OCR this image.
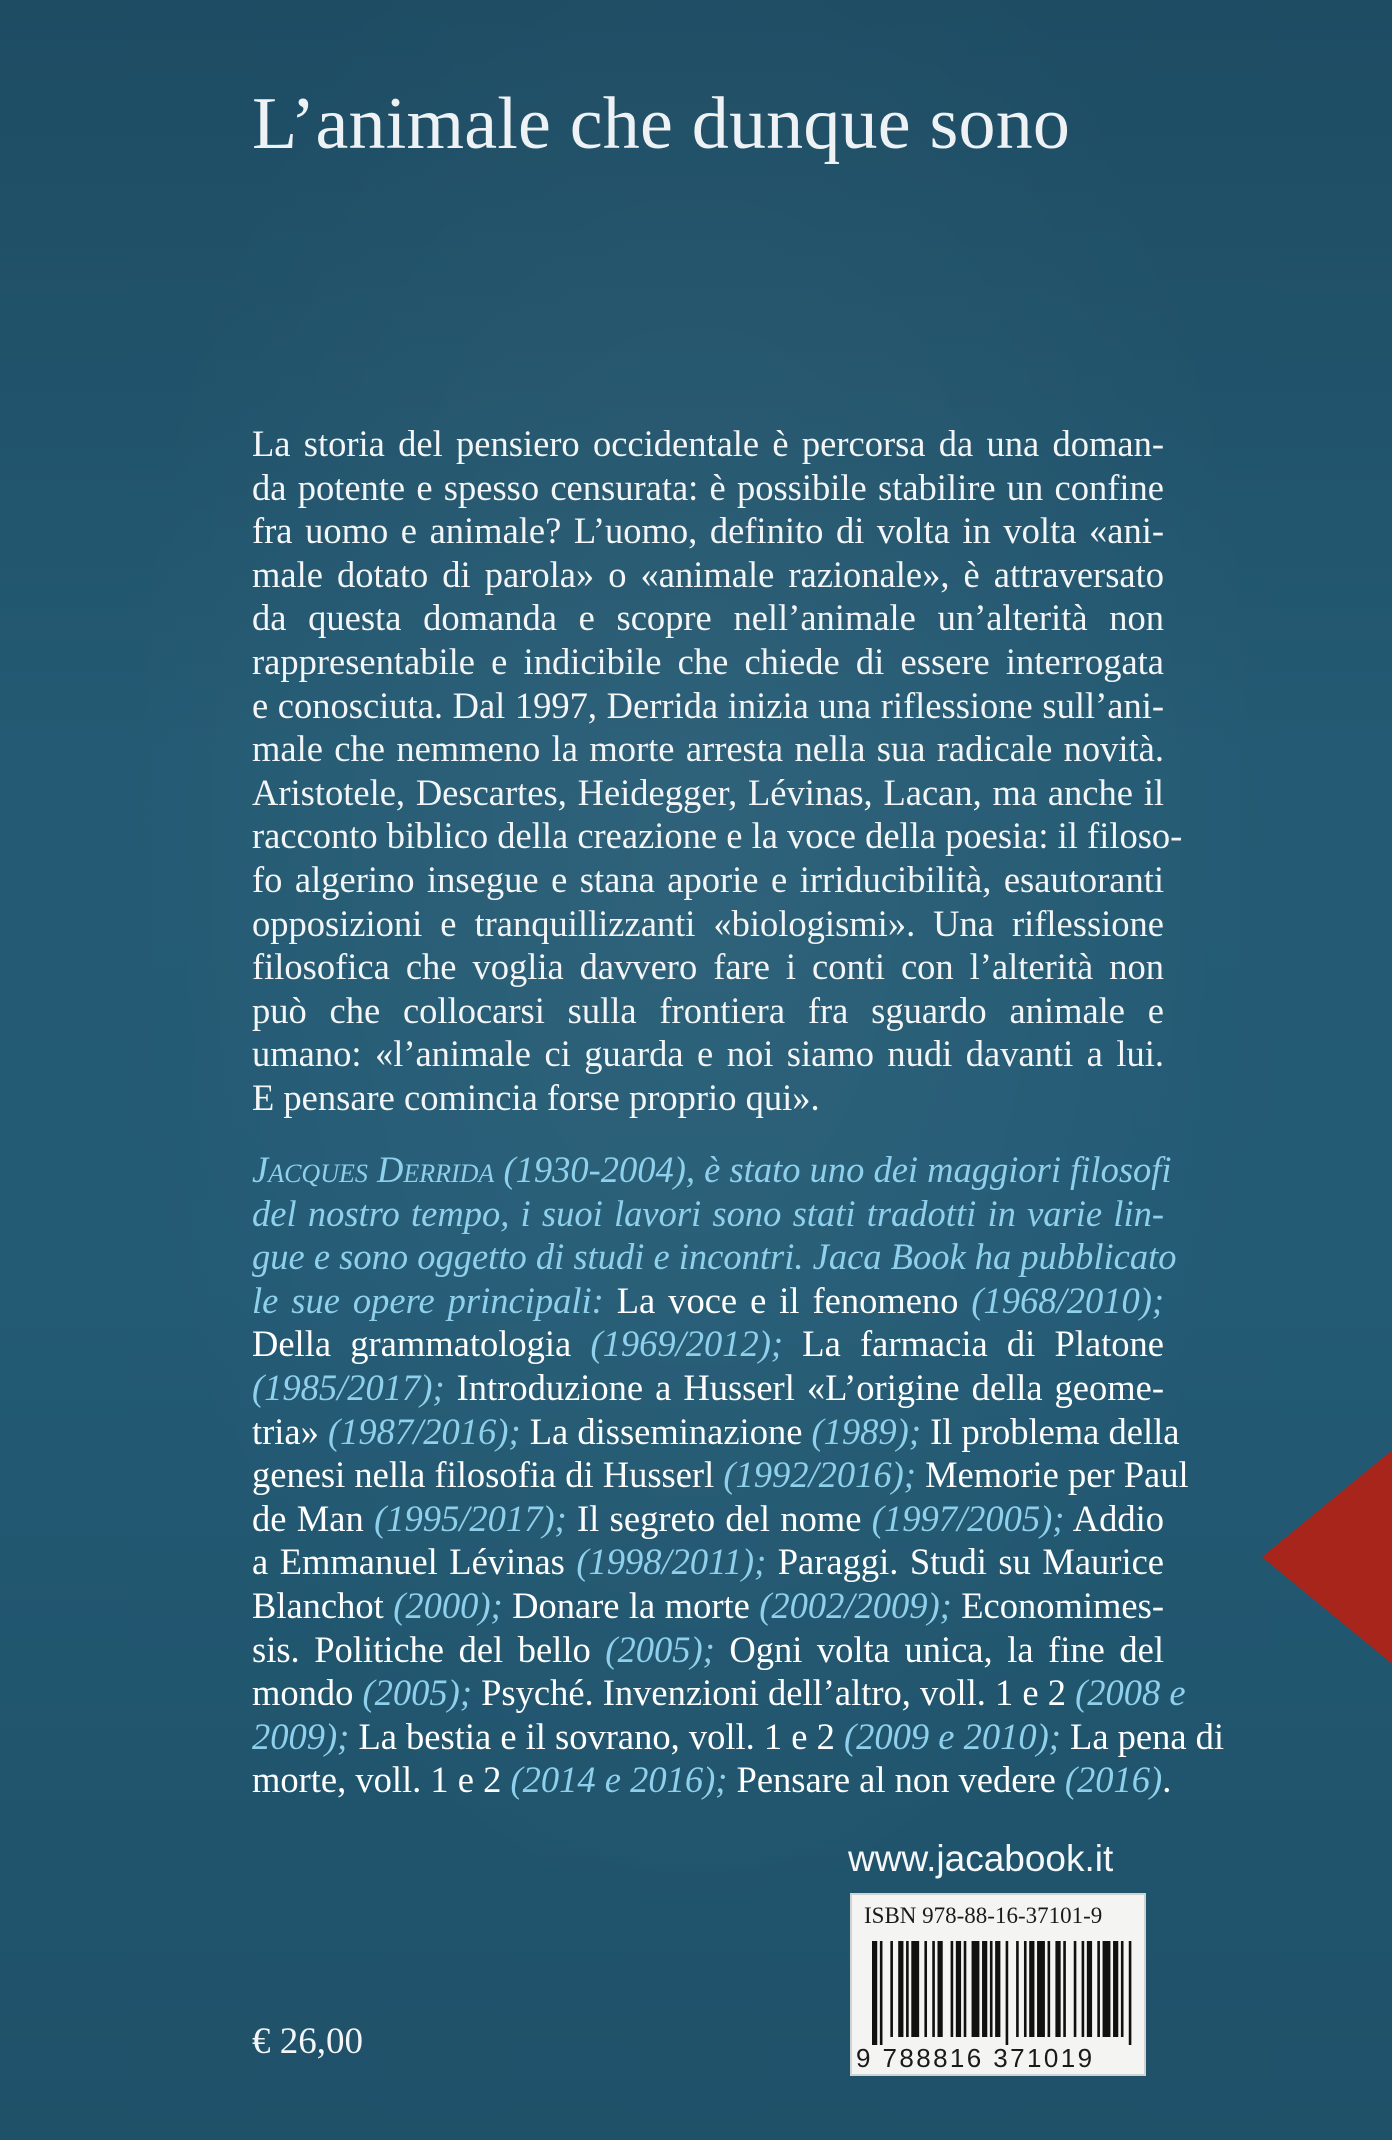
L’animale che dunque sono
La storia del pensiero occidentale è percorsa da una doman-
da potente e spesso censurata: è possibile stabilire un confine
fra uomo e animale? L’uomo, definito di volta in volta «ani-
male dotato di parola» o «animale razionale», è attraversato
da questa domanda e scopre nell’animale un’alterità non
rappresentabile e indicibile che chiede di essere interrogata
e conosciuta. Dal 1997, Derrida inizia una riflessione sull’ani-
male che nemmeno la morte arresta nella sua radicale novità.
Aristotele, Descartes, Heidegger, Lévinas, Lacan, ma anche il
racconto biblico della creazione e la voce della poesia: il filoso-
fo algerino insegue e stana aporie e irriducibilità, esautoranti
opposizioni e tranquillizzanti «biologismi». Una riflessione
filosofica che voglia davvero fare i conti con l’alterità non
può che collocarsi sulla frontiera fra sguardo animale e
umano: «l’animale ci guarda e noi siamo nudi davanti a lui.
E pensare comincia forse proprio qui».
Jacques Derrida (1930-2004), è stato uno dei maggiori filosofi
del nostro tempo, i suoi lavori sono stati tradotti in varie lin-
gue e sono oggetto di studi e incontri. Jaca Book ha pubblicato
le sue opere principali: La voce e il fenomeno (1968/2010);
Della grammatologia (1969/2012); La farmacia di Platone
(1985/2017); Introduzione a Husserl «L’origine della geome-
tria» (1987/2016); La disseminazione (1989); Il problema della
genesi nella filosofia di Husserl (1992/2016); Memorie per Paul
de Man (1995/2017); Il segreto del nome (1997/2005); Addio
a Emmanuel Lévinas (1998/2011); Paraggi. Studi su Maurice
Blanchot (2000); Donare la morte (2002/2009); Economimes-
sis. Politiche del bello (2005); Ogni volta unica, la fine del
mondo (2005); Psyché. Invenzioni dell’altro, voll. 1 e 2 (2008 e
2009); La bestia e il sovrano, voll. 1 e 2 (2009 e 2010); La pena di
morte, voll. 1 e 2 (2014 e 2016); Pensare al non vedere (2016).
www.jacabook.it
ISBN 978-88-16-37101-9
9 788816 371019
€ 26,00
